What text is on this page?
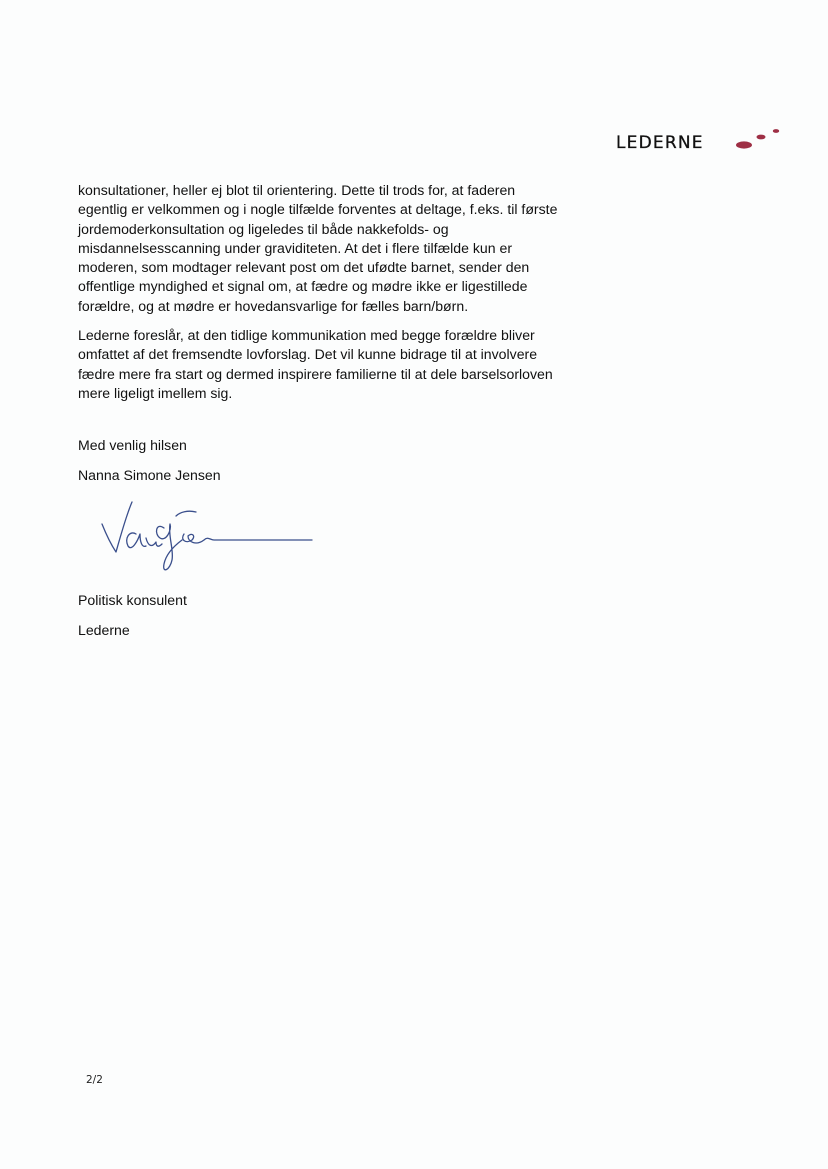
LEDERNE

konsultationer, heller ej blot til orientering. Dette til trods for, at faderen
egentlig er velkommen og i nogle tilfælde forventes at deltage, f.eks. til første
jordemoderkonsultation og ligeledes til både nakkefolds- og
misdannelsesscanning under graviditeten. At det i flere tilfælde kun er
moderen, som modtager relevant post om det ufødte barnet, sender den
offentlige myndighed et signal om, at fædre og mødre ikke er ligestillede
forældre, og at mødre er hovedansvarlige for fælles barn/børn.

Lederne foreslår, at den tidlige kommunikation med begge forældre bliver
omfattet af det fremsendte lovforslag. Det vil kunne bidrage til at involvere
fædre mere fra start og dermed inspirere familierne til at dele barselsorloven
mere ligeligt imellem sig.

Med venlig hilsen
Nanna Simone Jensen
Politisk konsulent
Lederne
2/2
